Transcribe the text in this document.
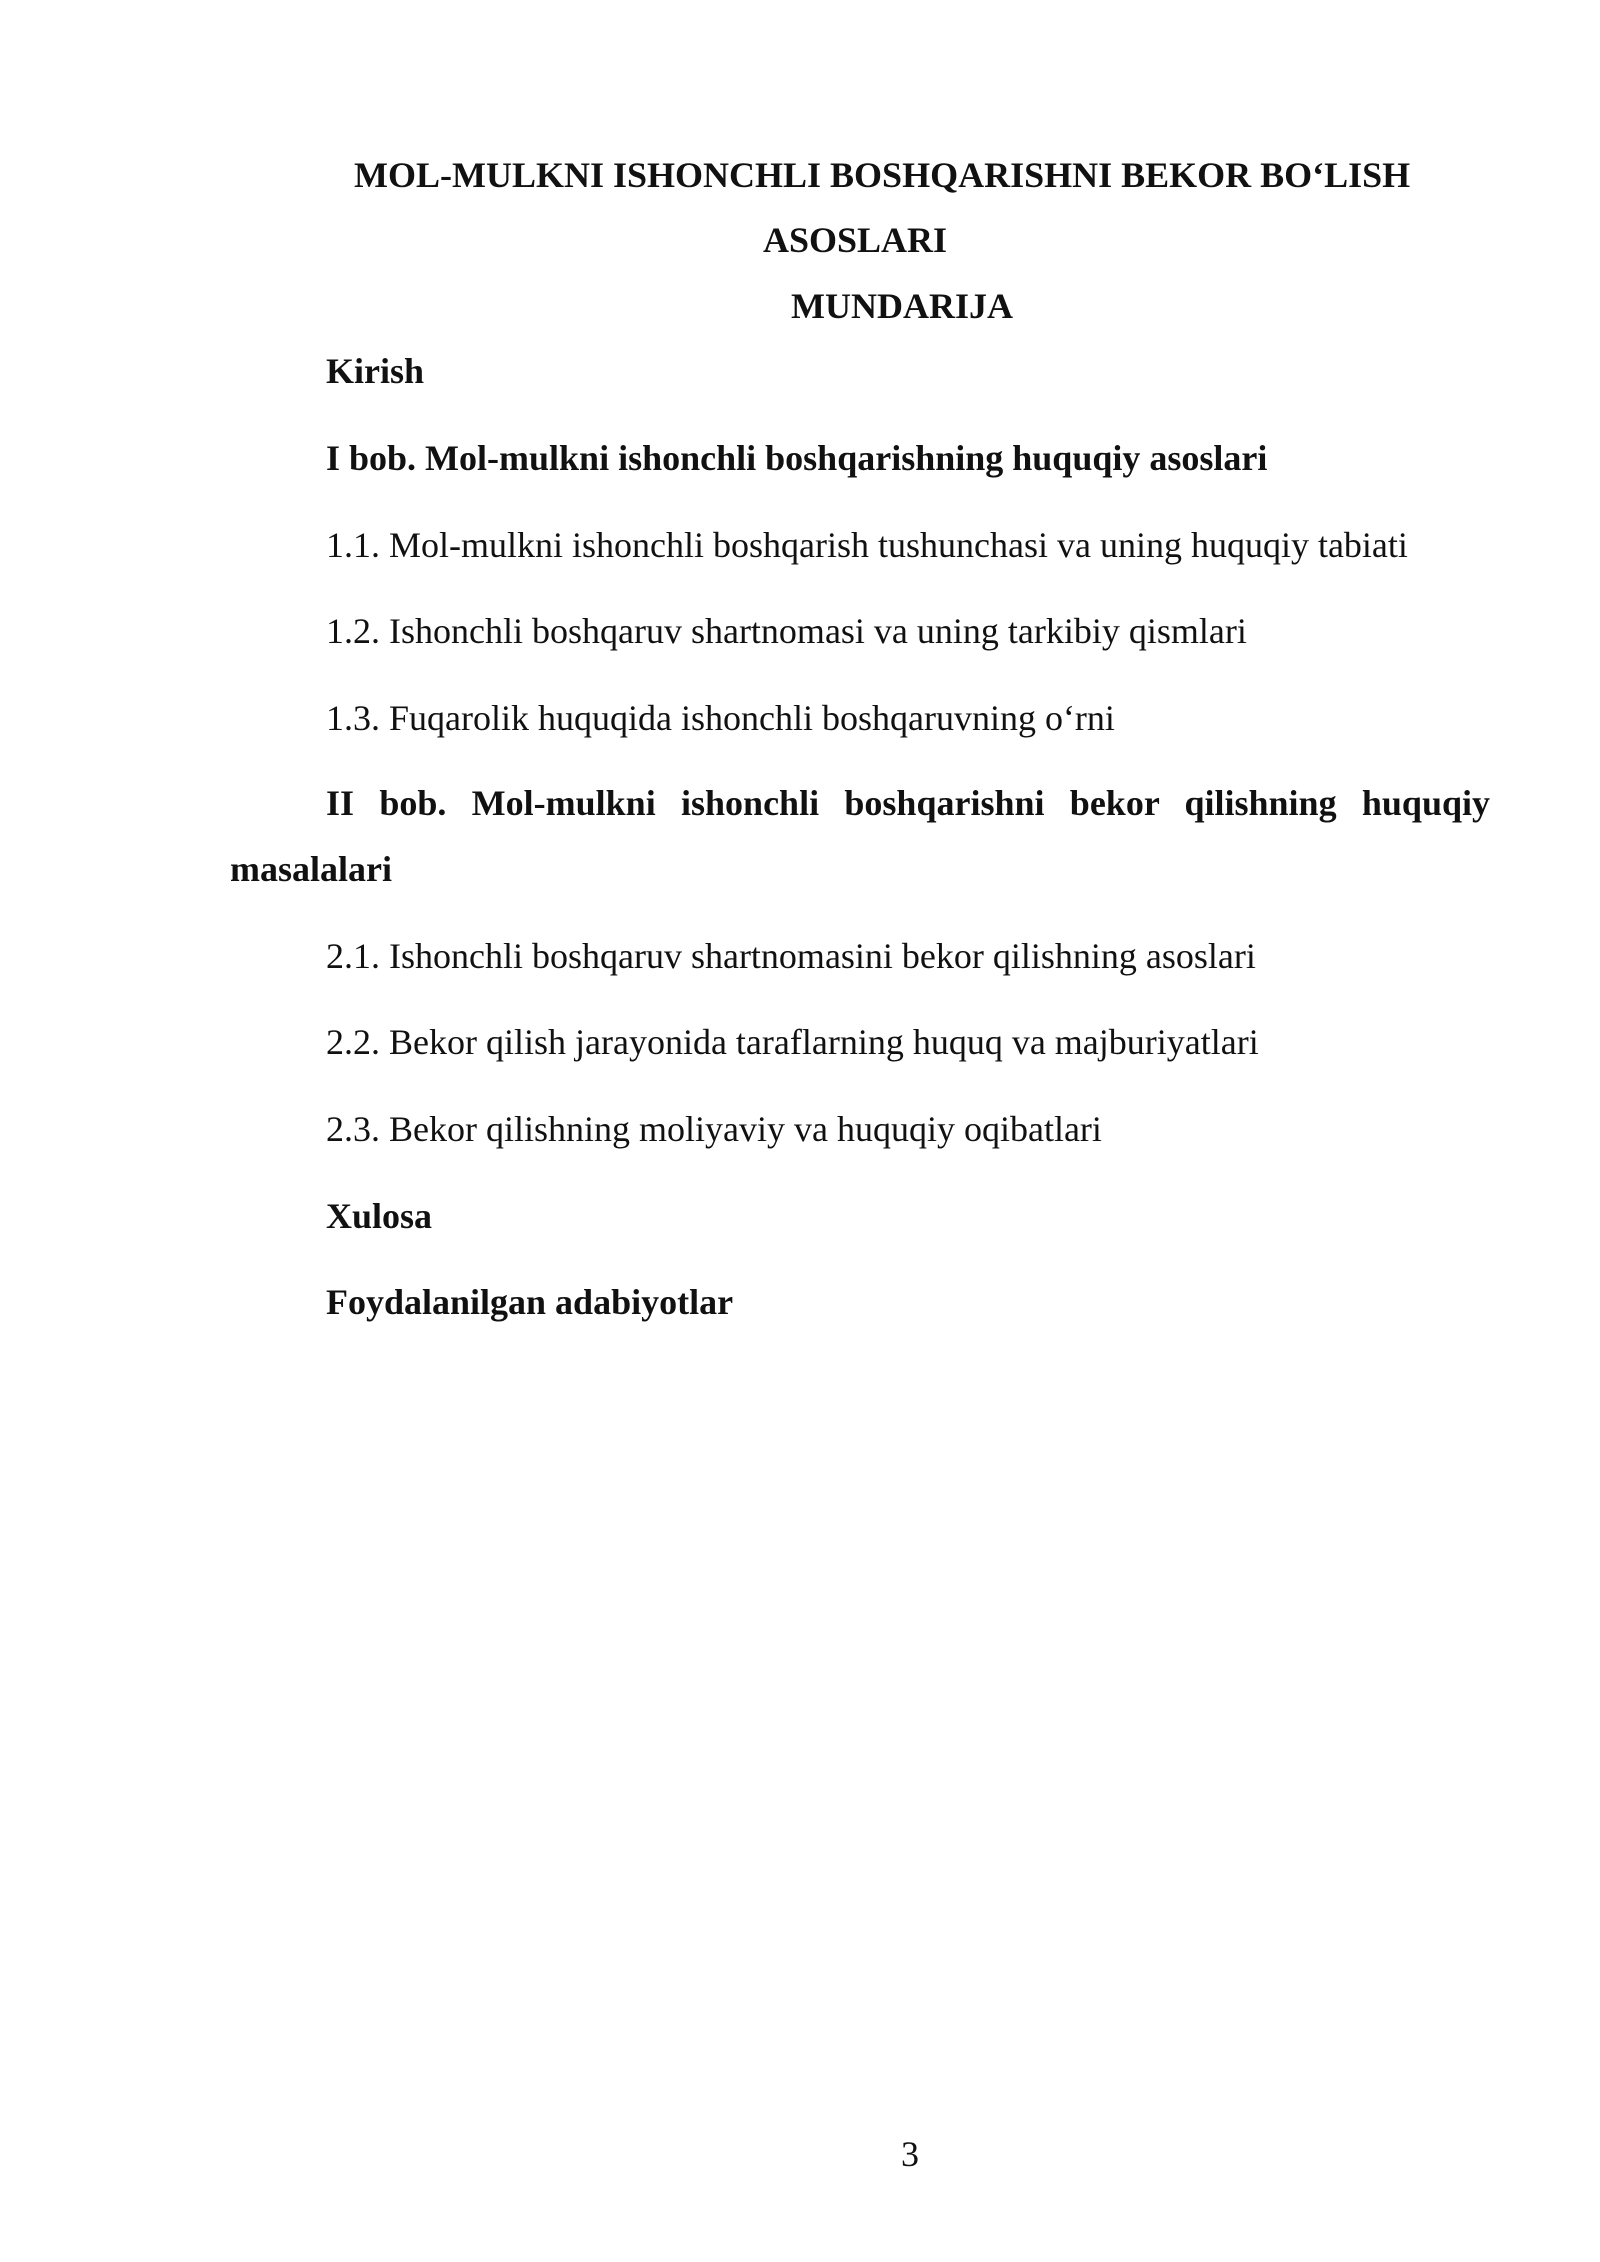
MOL-MULKNI ISHONCHLI BOSHQARISHNI BEKOR BO‘LISH
ASOSLARI
MUNDARIJA
Kirish
I bob. Mol-mulkni ishonchli boshqarishning huquqiy asoslari
1.1. Mol-mulkni ishonchli boshqarish tushunchasi va uning huquqiy tabiati
1.2. Ishonchli boshqaruv shartnomasi va uning tarkibiy qismlari
1.3. Fuqarolik huquqida ishonchli boshqaruvning o‘rni
II bob. Mol-mulkni ishonchli boshqarishni bekor qilishning huquqiy
masalalari
2.1. Ishonchli boshqaruv shartnomasini bekor qilishning asoslari
2.2. Bekor qilish jarayonida taraflarning huquq va majburiyatlari
2.3. Bekor qilishning moliyaviy va huquqiy oqibatlari
Xulosa
Foydalanilgan adabiyotlar
3
